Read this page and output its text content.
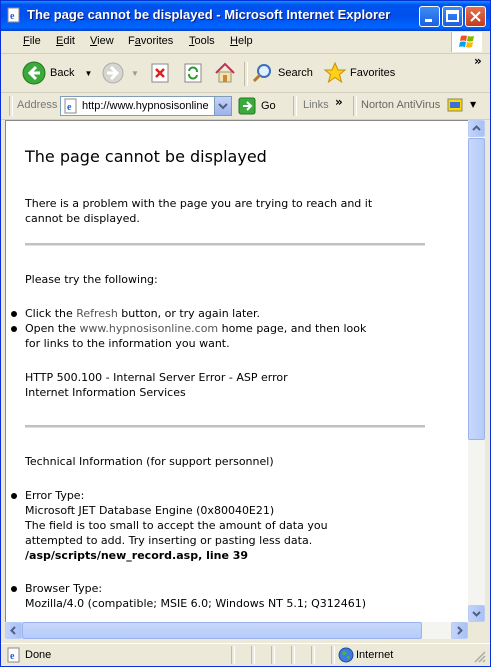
e The page cannot be displayed - Microsoft Internet Explorer
File Edit View Favorites Tools Help
Back ▼	▼	Search	Favorites
»
Address e http://www.hypnosisonline	Go Links » Norton AntiVirus	▼
The page cannot be displayed

There is a problem with the page you are trying to reach and it
cannot be displayed.

Please try the following:

Click the Refresh button, or try again later.

Open the www.hypnosisonline.com home page, and then look
for links to the information you want.

HTTP 500.100 - Internal Server Error - ASP error
Internet Information Services

Technical Information (for support personnel)

Error Type:
Microsoft JET Database Engine (0x80040E21)
The field is too small to accept the amount of data you
attempted to add. Try inserting or pasting less data.
/asp/scripts/new_record.asp, line 39

Browser Type:
Mozilla/4.0 (compatible; MSIE 6.0; Windows NT 5.1; Q312461)

e Done	Internet
